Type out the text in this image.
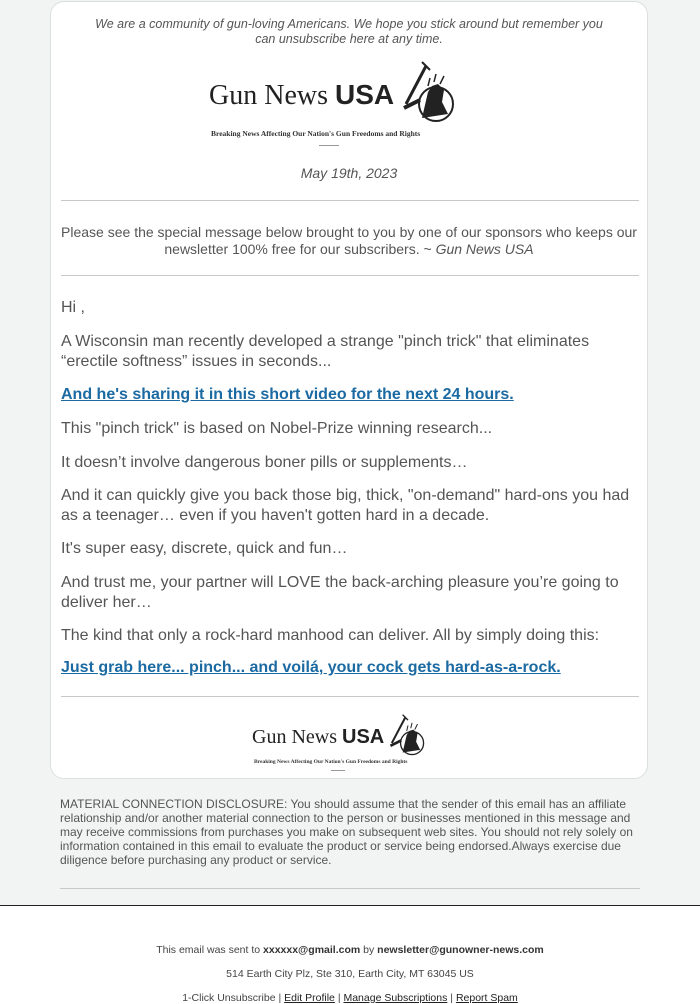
We are a community of gun-loving Americans. We hope you stick around but remember you can unsubscribe here at any time.
Gun News USA
Breaking News Affecting Our Nation's Gun Freedoms and Rights
May 19th, 2023
Please see the special message below brought to you by one of our sponsors who keeps our newsletter 100% free for our subscribers. ~ Gun News USA
Hi ,
A Wisconsin man recently developed a strange "pinch trick" that eliminates “erectile softness” issues in seconds...
And he's sharing it in this short video for the next 24 hours.
This "pinch trick" is based on Nobel-Prize winning research...
It doesn’t involve dangerous boner pills or supplements…
And it can quickly give you back those big, thick, "on-demand" hard-ons you had as a teenager… even if you haven't gotten hard in a decade.
It's super easy, discrete, quick and fun…
And trust me, your partner will LOVE the back-arching pleasure you’re going to deliver her…
The kind that only a rock-hard manhood can deliver. All by simply doing this:
Just grab here... pinch... and voilá, your cock gets hard-as-a-rock.
Gun News USA
Breaking News Affecting Our Nation's Gun Freedoms and Rights
MATERIAL CONNECTION DISCLOSURE: You should assume that the sender of this email has an affiliate relationship and/or another material connection to the person or businesses mentioned in this message and may receive commissions from purchases you make on subsequent web sites. You should not rely solely on information contained in this email to evaluate the product or service being endorsed.Always exercise due diligence before purchasing any product or service.
This email was sent to xxxxxx@gmail.com by newsletter@gunowner-news.com
514 Earth City Plz, Ste 310, Earth City, MT 63045 US
1-Click Unsubscribe | Edit Profile | Manage Subscriptions | Report Spam
